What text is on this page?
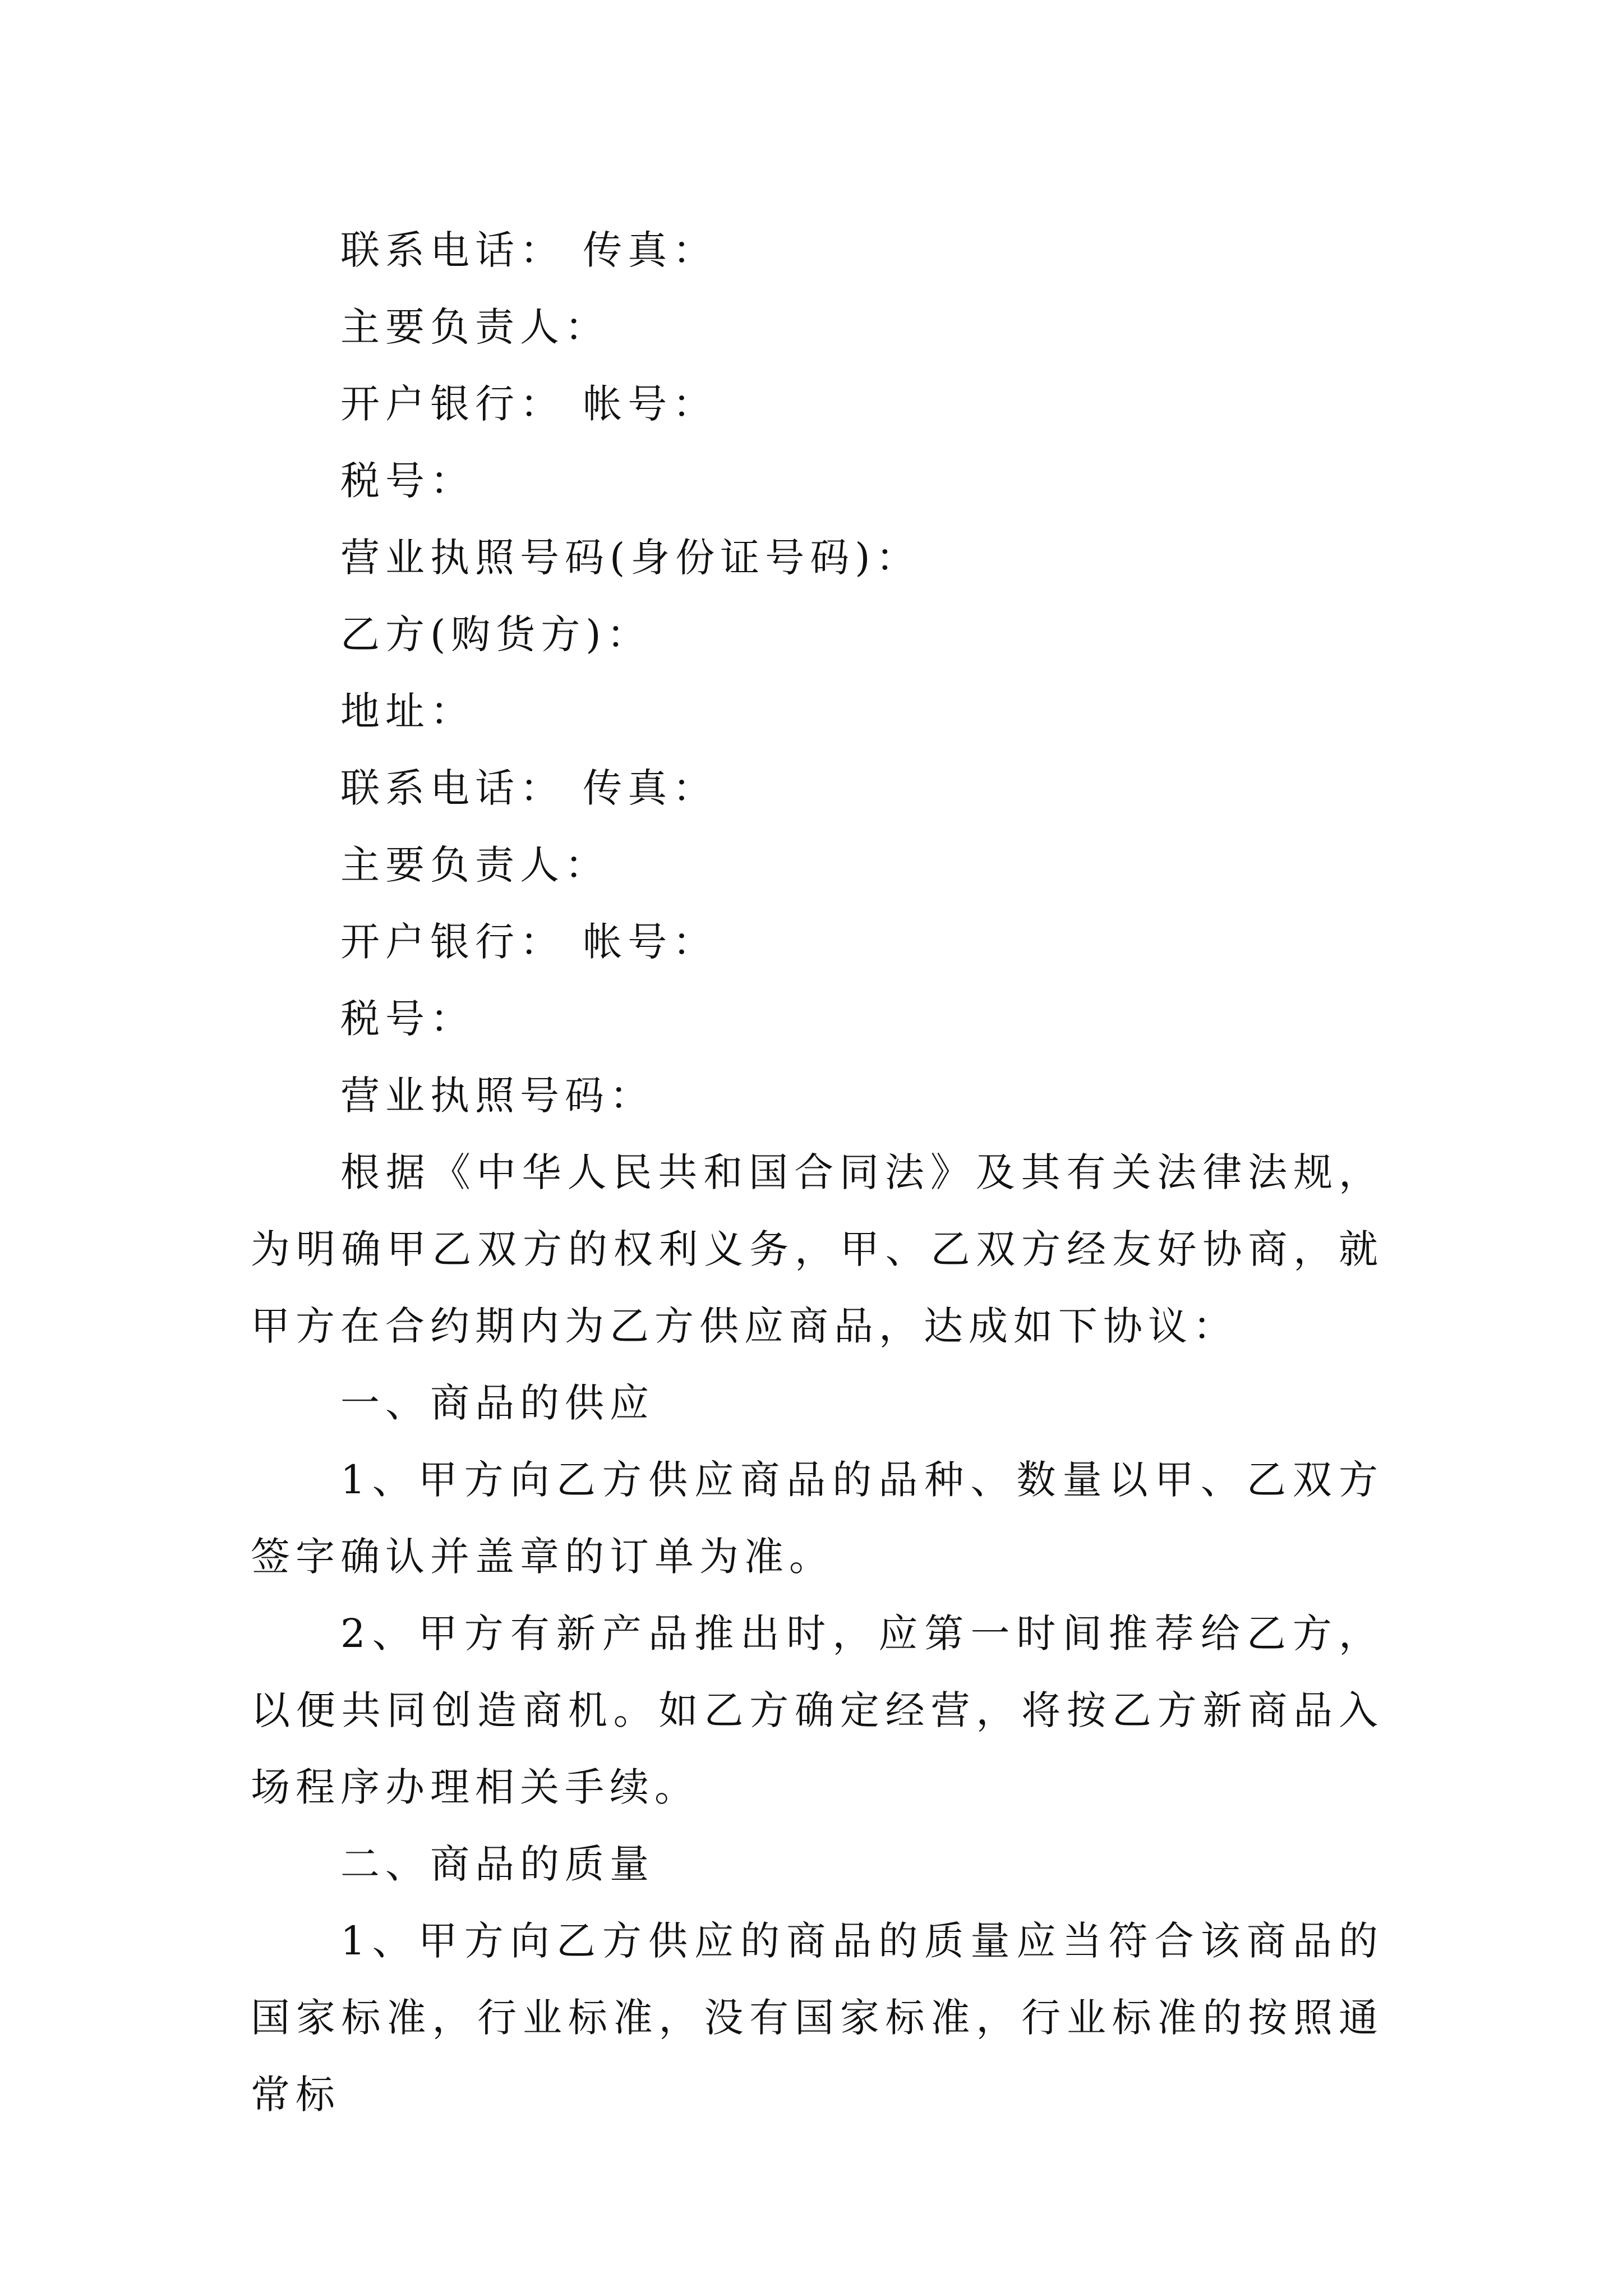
联系电话： 传真：
主要负责人：
开户银行： 帐号：
税号：
营业执照号码(身份证号码)：
乙方(购货方)：
地址：
联系电话： 传真：
主要负责人：
开户银行： 帐号：
税号：
营业执照号码：

根据《中华人民共和国合同法》及其有关法律法规，为明确甲乙双方的权利义务，甲、乙双方经友好协商，就甲方在合约期内为乙方供应商品，达成如下协议：

一、商品的供应

1、甲方向乙方供应商品的品种、数量以甲、乙双方签字确认并盖章的订单为准。

2、甲方有新产品推出时，应第一时间推荐给乙方，以便共同创造商机。如乙方确定经营，将按乙方新商品入场程序办理相关手续。

二、商品的质量

1、甲方向乙方供应的商品的质量应当符合该商品的国家标准，行业标准，没有国家标准，行业标准的按照通常标
